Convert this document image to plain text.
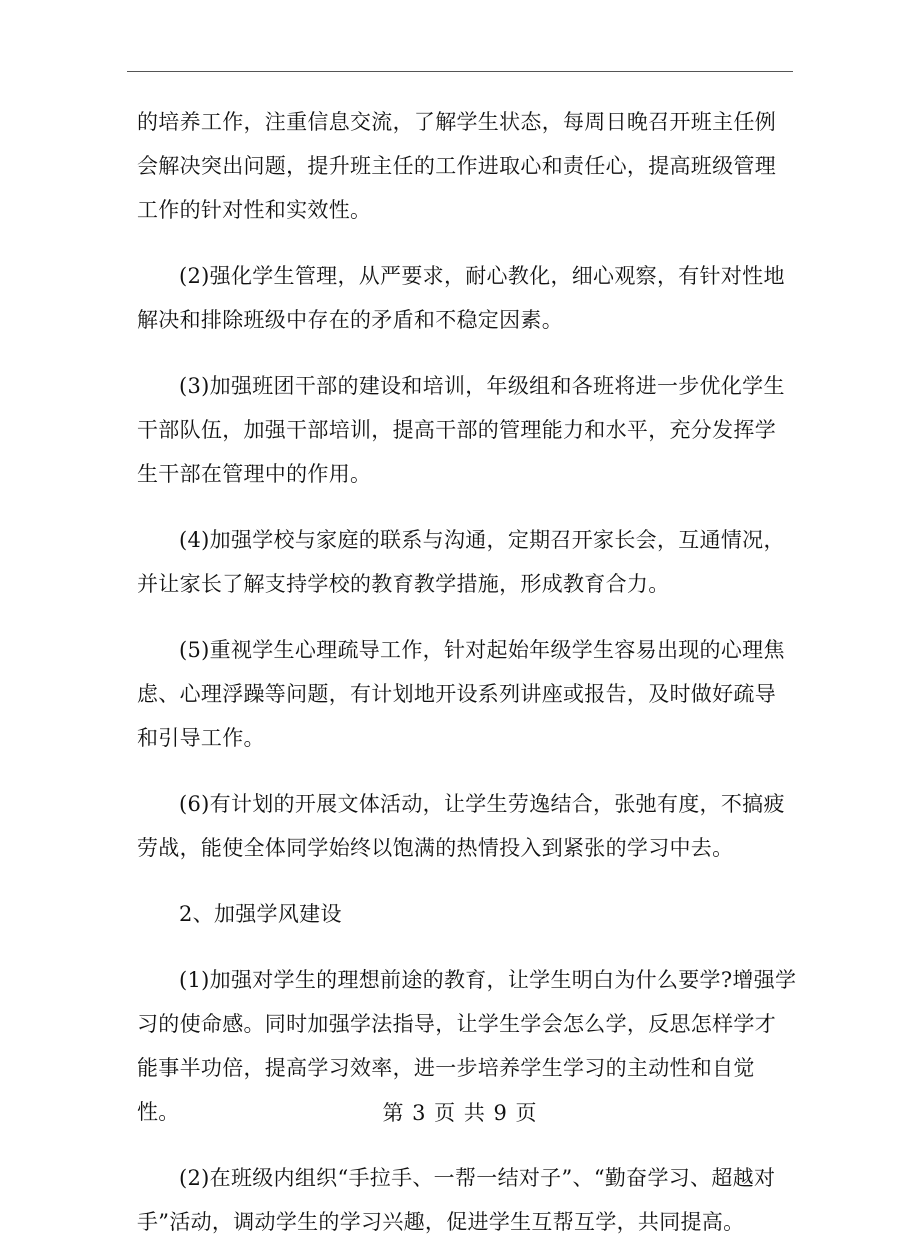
的培养工作，注重信息交流，了解学生状态，每周日晚召开班主任例会解决突出问题，提升班主任的工作进取心和责任心，提高班级管理工作的针对性和实效性。

(2)强化学生管理，从严要求，耐心教化，细心观察，有针对性地解决和排除班级中存在的矛盾和不稳定因素。

(3)加强班团干部的建设和培训，年级组和各班将进一步优化学生干部队伍，加强干部培训，提高干部的管理能力和水平，充分发挥学生干部在管理中的作用。

(4)加强学校与家庭的联系与沟通，定期召开家长会，互通情况，并让家长了解支持学校的教育教学措施，形成教育合力。

(5)重视学生心理疏导工作，针对起始年级学生容易出现的心理焦虑、心理浮躁等问题，有计划地开设系列讲座或报告，及时做好疏导和引导工作。

(6)有计划的开展文体活动，让学生劳逸结合，张弛有度，不搞疲劳战，能使全体同学始终以饱满的热情投入到紧张的学习中去。

2、加强学风建设

(1)加强对学生的理想前途的教育，让学生明白为什么要学?增强学习的使命感。同时加强学法指导，让学生学会怎么学，反思怎样学才能事半功倍，提高学习效率，进一步培养学生学习的主动性和自觉性。

(2)在班级内组织“手拉手、一帮一结对子”、“勤奋学习、超越对手”活动，调动学生的学习兴趣，促进学生互帮互学，共同提高。

第 3 页 共 9 页
